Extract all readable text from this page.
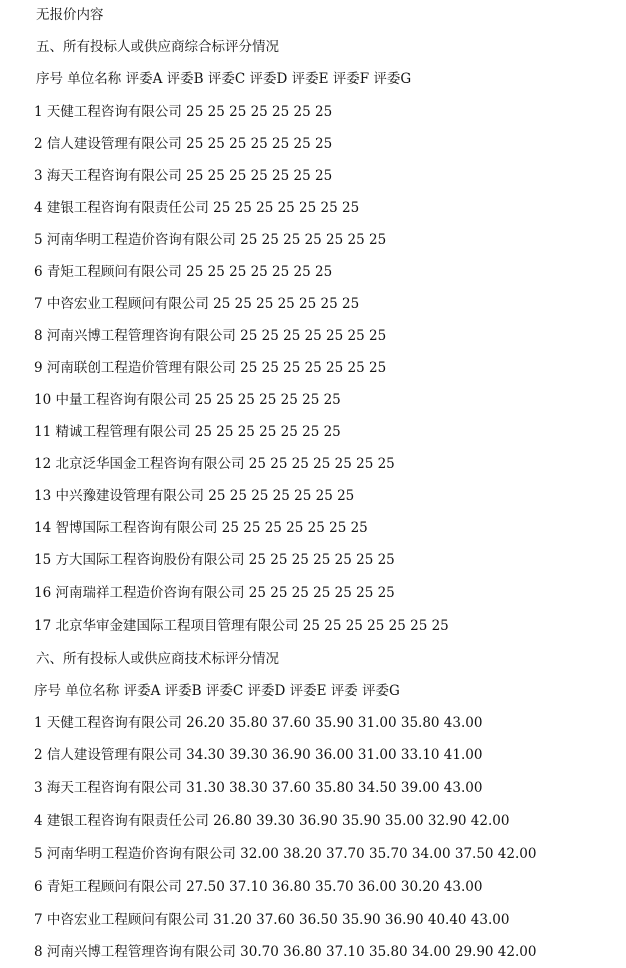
无报价内容
五、所有投标人或供应商综合标评分情况
序号 单位名称 评委A 评委B 评委C 评委D 评委E 评委F 评委G
1 天健工程咨询有限公司 25 25 25 25 25 25 25
2 信人建设管理有限公司 25 25 25 25 25 25 25
3 海天工程咨询有限公司 25 25 25 25 25 25 25
4 建银工程咨询有限责任公司 25 25 25 25 25 25 25
5 河南华明工程造价咨询有限公司 25 25 25 25 25 25 25
6 青矩工程顾问有限公司 25 25 25 25 25 25 25
7 中咨宏业工程顾问有限公司 25 25 25 25 25 25 25
8 河南兴博工程管理咨询有限公司 25 25 25 25 25 25 25
9 河南联创工程造价管理有限公司 25 25 25 25 25 25 25
10 中量工程咨询有限公司 25 25 25 25 25 25 25
11 精诚工程管理有限公司 25 25 25 25 25 25 25
12 北京泛华国金工程咨询有限公司 25 25 25 25 25 25 25
13 中兴豫建设管理有限公司 25 25 25 25 25 25 25
14 智博国际工程咨询有限公司 25 25 25 25 25 25 25
15 方大国际工程咨询股份有限公司 25 25 25 25 25 25 25
16 河南瑞祥工程造价咨询有限公司 25 25 25 25 25 25 25
17 北京华审金建国际工程项目管理有限公司 25 25 25 25 25 25 25
六、所有投标人或供应商技术标评分情况
序号 单位名称 评委A 评委B 评委C 评委D 评委E 评委 评委G
1 天健工程咨询有限公司 26.20 35.80 37.60 35.90 31.00 35.80 43.00
2 信人建设管理有限公司 34.30 39.30 36.90 36.00 31.00 33.10 41.00
3 海天工程咨询有限公司 31.30 38.30 37.60 35.80 34.50 39.00 43.00
4 建银工程咨询有限责任公司 26.80 39.30 36.90 35.90 35.00 32.90 42.00
5 河南华明工程造价咨询有限公司 32.00 38.20 37.70 35.70 34.00 37.50 42.00
6 青矩工程顾问有限公司 27.50 37.10 36.80 35.70 36.00 30.20 43.00
7 中咨宏业工程顾问有限公司 31.20 37.60 36.50 35.90 36.90 40.40 43.00
8 河南兴博工程管理咨询有限公司 30.70 36.80 37.10 35.80 34.00 29.90 42.00
